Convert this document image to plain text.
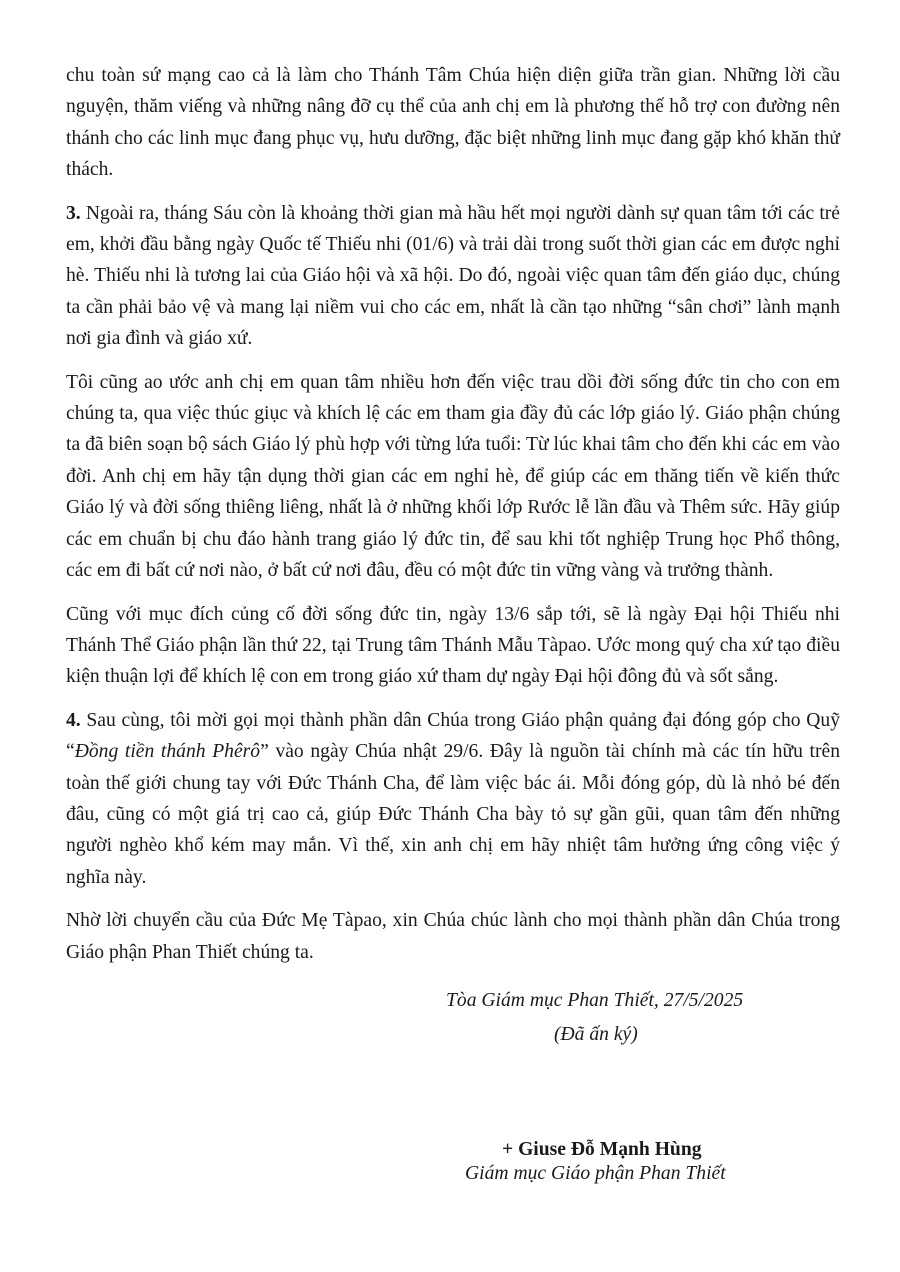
chu toàn sứ mạng cao cả là làm cho Thánh Tâm Chúa hiện diện giữa trần gian. Những lời cầu nguyện, thăm viếng và những nâng đỡ cụ thể của anh chị em là phương thế hỗ trợ con đường nên thánh cho các linh mục đang phục vụ, hưu dưỡng, đặc biệt những linh mục đang gặp khó khăn thử thách.

3. Ngoài ra, tháng Sáu còn là khoảng thời gian mà hầu hết mọi người dành sự quan tâm tới các trẻ em, khởi đầu bằng ngày Quốc tế Thiếu nhi (01/6) và trải dài trong suốt thời gian các em được nghỉ hè. Thiếu nhi là tương lai của Giáo hội và xã hội. Do đó, ngoài việc quan tâm đến giáo dục, chúng ta cần phải bảo vệ và mang lại niềm vui cho các em, nhất là cần tạo những “sân chơi” lành mạnh nơi gia đình và giáo xứ.

Tôi cũng ao ước anh chị em quan tâm nhiều hơn đến việc trau dồi đời sống đức tin cho con em chúng ta, qua việc thúc giục và khích lệ các em tham gia đầy đủ các lớp giáo lý. Giáo phận chúng ta đã biên soạn bộ sách Giáo lý phù hợp với từng lứa tuổi: Từ lúc khai tâm cho đến khi các em vào đời. Anh chị em hãy tận dụng thời gian các em nghỉ hè, để giúp các em thăng tiến về kiến thức Giáo lý và đời sống thiêng liêng, nhất là ở những khối lớp Rước lễ lần đầu và Thêm sức. Hãy giúp các em chuẩn bị chu đáo hành trang giáo lý đức tin, để sau khi tốt nghiệp Trung học Phổ thông, các em đi bất cứ nơi nào, ở bất cứ nơi đâu, đều có một đức tin vững vàng và trưởng thành.

Cũng với mục đích củng cố đời sống đức tin, ngày 13/6 sắp tới, sẽ là ngày Đại hội Thiếu nhi Thánh Thể Giáo phận lần thứ 22, tại Trung tâm Thánh Mẫu Tàpao. Ước mong quý cha xứ tạo điều kiện thuận lợi để khích lệ con em trong giáo xứ tham dự ngày Đại hội đông đủ và sốt sắng.

4. Sau cùng, tôi mời gọi mọi thành phần dân Chúa trong Giáo phận quảng đại đóng góp cho Quỹ “Đồng tiền thánh Phêrô” vào ngày Chúa nhật 29/6. Đây là nguồn tài chính mà các tín hữu trên toàn thế giới chung tay với Đức Thánh Cha, để làm việc bác ái. Mỗi đóng góp, dù là nhỏ bé đến đâu, cũng có một giá trị cao cả, giúp Đức Thánh Cha bày tỏ sự gần gũi, quan tâm đến những người nghèo khổ kém may mắn. Vì thế, xin anh chị em hãy nhiệt tâm hưởng ứng công việc ý nghĩa này.

Nhờ lời chuyển cầu của Đức Mẹ Tàpao, xin Chúa chúc lành cho mọi thành phần dân Chúa trong Giáo phận Phan Thiết chúng ta.

Tòa Giám mục Phan Thiết, 27/5/2025
(Đã ấn ký)
+ Giuse Đỗ Mạnh Hùng
Giám mục Giáo phận Phan Thiết
